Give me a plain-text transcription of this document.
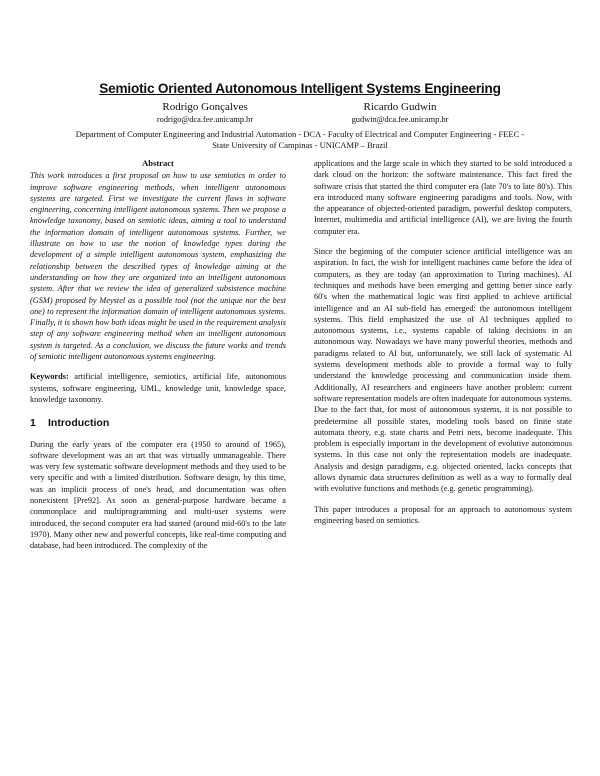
Semiotic Oriented Autonomous Intelligent Systems Engineering
Rodrigo Gonçalves
rodrigo@dca.fee.unicamp.br
Ricardo Gudwin
gudwin@dca.fee.unicamp.br
Department of Computer Engineering and Industrial Automation - DCA - Faculty of Electrical and Computer Engineering - FEEC - State University of Campinas - UNICAMP – Brazil
Abstract

This work introduces a first proposal on how to use semiotics in order to improve software engineering methods, when intelligent autonomous systems are targeted. First we investigate the current flaws in software engineering, concerning intelligent autonomous systems. Then we propose a knowledge taxonomy, based on semiotic ideas, aiming a tool to understand the information domain of intelligent autonomous systems. Further, we illustrate on how to use the notion of knowledge types during the development of a simple intelligent autonomous system, emphasizing the relationship between the described types of knowledge aiming at the understanding on how they are organized into an intelligent autonomous system. After that we review the idea of generalized subsistence machine (GSM) proposed by Meystel as a possible tool (not the unique nor the best one) to represent the information domain of intelligent autonomous systems. Finally, it is shown how both ideas might be used in the requirement analysis step of any software engineering method when an intelligent autonomous system is targeted. As a conclusion, we discuss the future works and trends of semiotic intelligent autonomous systems engineering.

Keywords: artificial intelligence, semiotics, artificial life, autonomous systems, software engineering, UML, knowledge unit, knowledge space, knowledge taxonomy.

1 Introduction

During the early years of the computer era (1950 to around of 1965), software development was an art that was virtually unmanageable. There was very few systematic software development methods and they used to be very specific and with a limited distribution. Software design, by this time, was an implicit process of one's head, and documentation was often nonexistent [Pre92]. As soon as general-purpose hardware became a commonplace and multiprogramming and multi-user systems were introduced, the second computer era had started (around mid-60's to the late 1970). Many other new and powerful concepts, like real-time computing and database, had been introduced. The complexity of the

applications and the large scale in which they started to be sold introduced a dark cloud on the horizon: the software maintenance. This fact fired the software crisis that started the third computer era (late 70's to late 80's). This era introduced many software engineering paradigms and tools. Now, with the appearance of objected-oriented paradigm, powerful desktop computers, Internet, multimedia and artificial intelligence (AI), we are living the fourth computer era.

Since the beginning of the computer science artificial intelligence was an aspiration. In fact, the wish for intelligent machines came before the idea of computers, as they are today (an approximation to Turing machines). AI techniques and methods have been emerging and getting better since early 60's when the mathematical logic was first applied to achieve artificial intelligence and an AI sub-field has emerged: the autonomous intelligent systems. This field emphasized the use of AI techniques applied to autonomous systems, i.e., systems capable of taking decisions in an autonomous way. Nowadays we have many powerful theories, methods and paradigms related to AI but, unfortunately, we still lack of systematic AI systems development methods able to provide a formal way to fully understand the knowledge processing and communication inside them. Additionally, AI researchers and engineers have another problem: current software representation models are often inadequate for autonomous systems. Due to the fact that, for most of autonomous systems, it is not possible to predetermine all possible states, modeling tools based on finite state automata theory, e.g. state charts and Petri nets, become inadequate. This problem is especially important in the development of evolutive autonomous systems. In this case not only the representation models are inadequate. Analysis and design paradigms, e.g. objected oriented, lacks concepts that allows dynamic data structures definition as well as a way to formally deal with evolutive functions and methods (e.g. genetic programming).

This paper introduces a proposal for an approach to autonomous system engineering based on semiotics.
